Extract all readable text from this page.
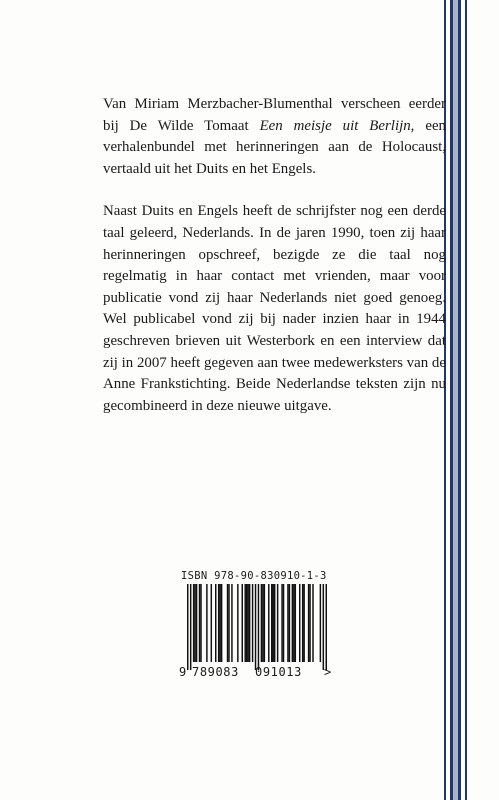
Van Miriam Merzbacher-Blumenthal verscheen eerder bij De Wilde Tomaat Een meisje uit Berlijn, een verhalenbundel met herinneringen aan de Holocaust, vertaald uit het Duits en het Engels.

Naast Duits en Engels heeft de schrijfster nog een derde taal geleerd, Nederlands. In de jaren 1990, toen zij haar herinneringen opschreef, bezigde ze die taal nog regelmatig in haar contact met vrienden, maar voor publicatie vond zij haar Nederlands niet goed genoeg. Wel publicabel vond zij bij nader inzien haar in 1944 geschreven brieven uit Westerbork en een interview dat zij in 2007 heeft gegeven aan twee medewerksters van de Anne Frankstichting. Beide Nederlandse teksten zijn nu gecombineerd in deze nieuwe uitgave.

ISBN 978-90-830910-1-3
9 789083 091013 >
